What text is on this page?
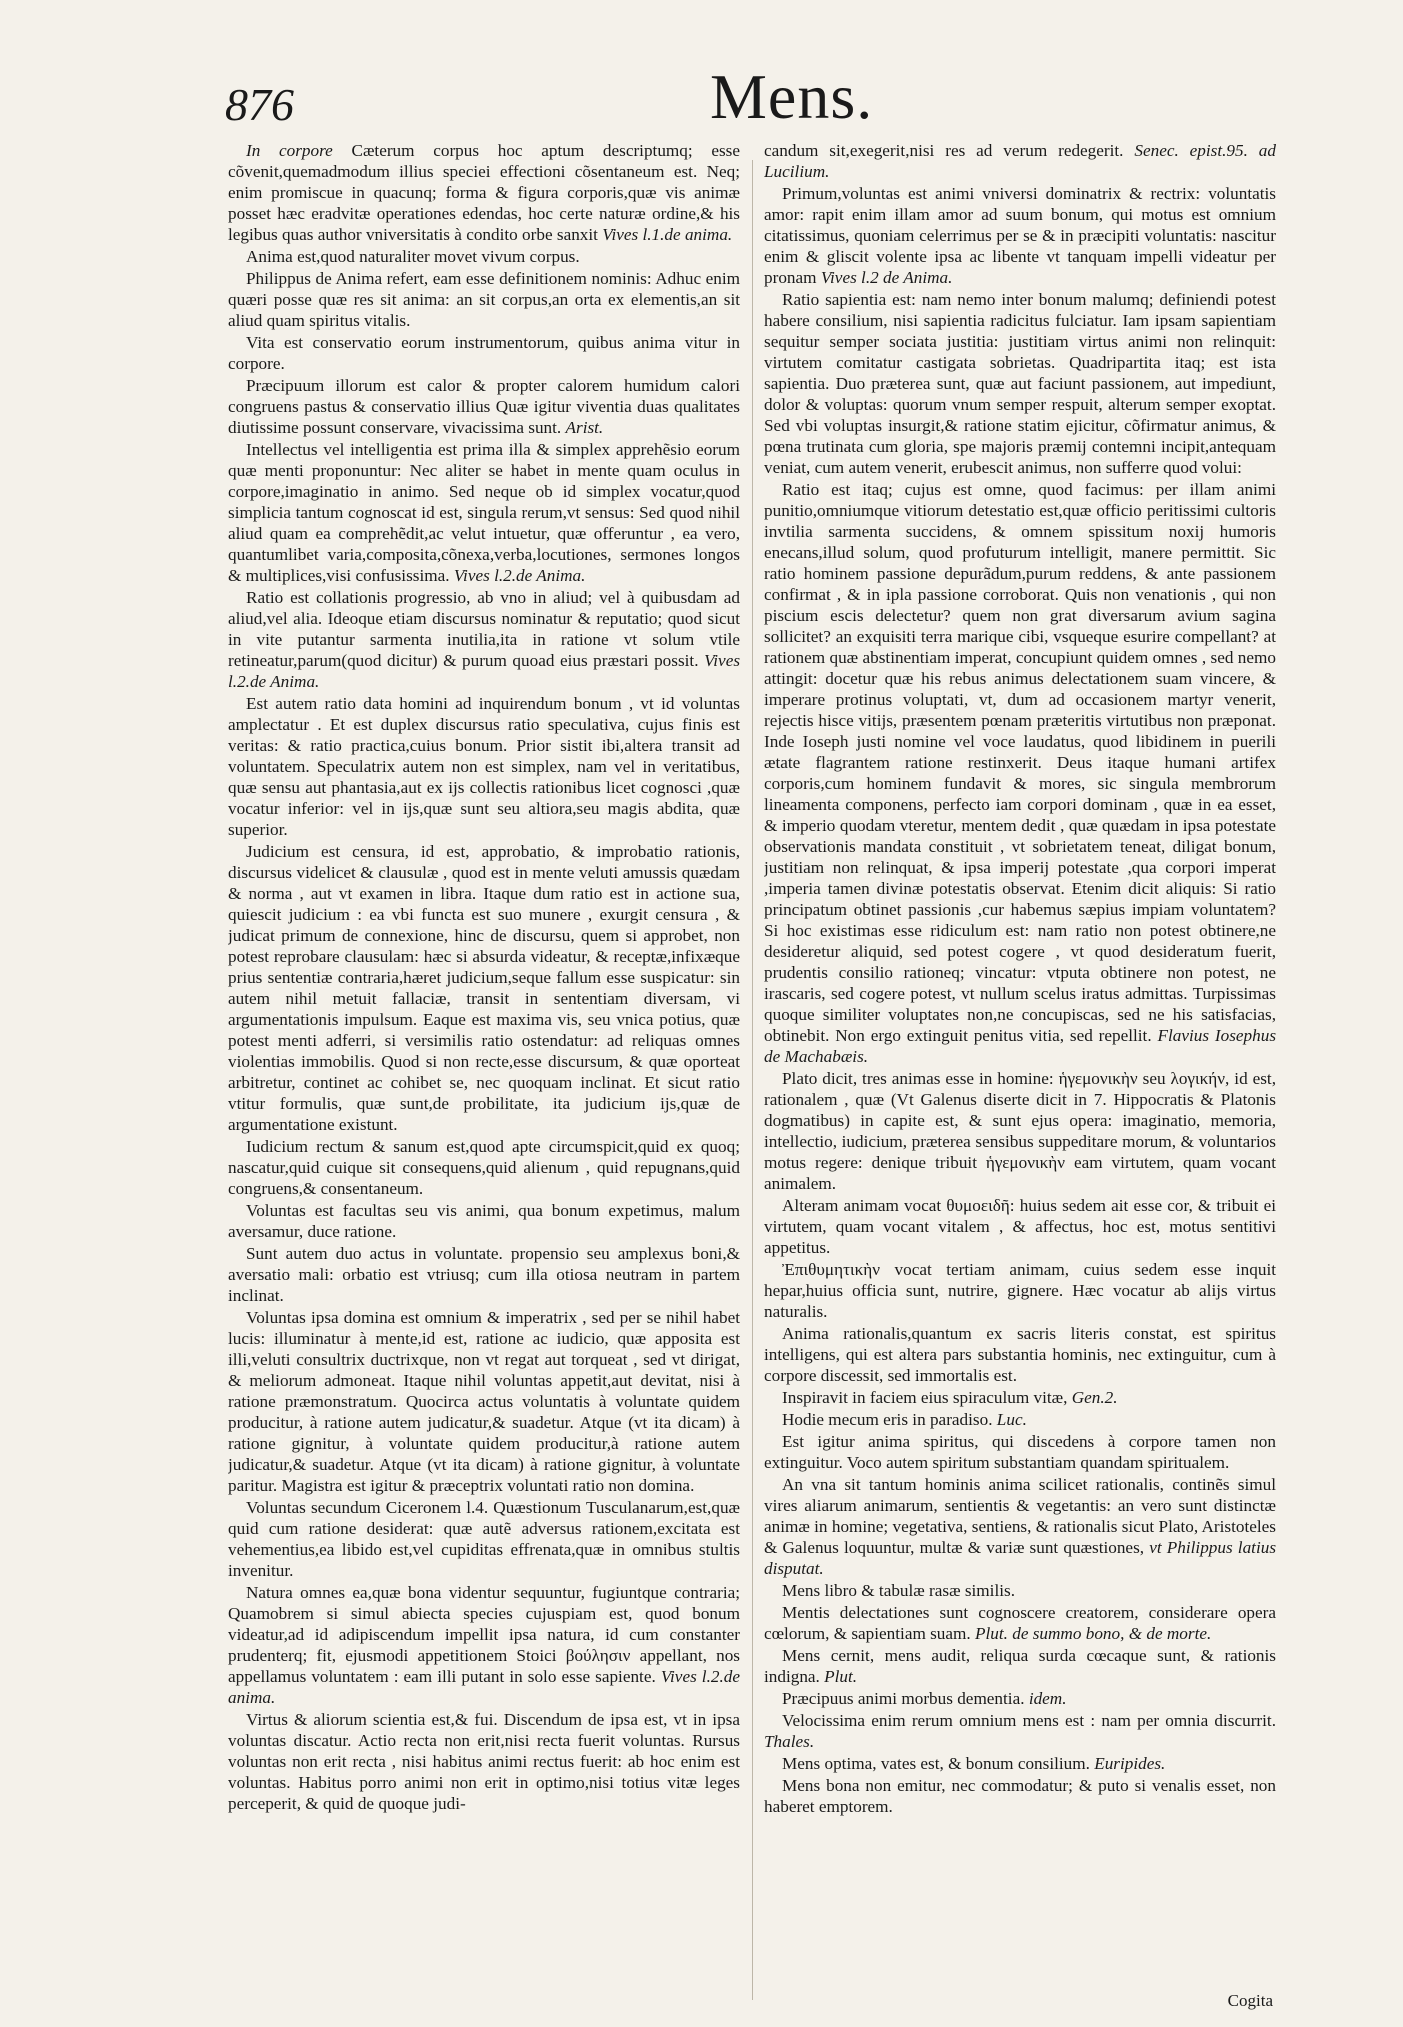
876	Mens.

In corpore Cæterum corpus hoc aptum descriptumq; esse cõvenit,quemadmodum illius speciei effectioni cõsentaneum est. Neq; enim promiscue in quacunq; forma & figura corporis,quæ vis animæ posset hæc eradvitæ operationes edendas, hoc certe naturæ ordine,& his legibus quas author vniversitatis à condito orbe sanxit Vives l.1.de anima.

Anima est,quod naturaliter movet vivum corpus.

Philippus de Anima refert, eam esse definitionem nominis: Adhuc enim quæri posse quæ res sit anima: an sit corpus,an orta ex elementis,an sit aliud quam spiritus vitalis.

Vita est conservatio eorum instrumentorum, quibus anima vitur in corpore.

Præcipuum illorum est calor & propter calorem humidum calori congruens pastus & conservatio illius Quæ igitur viventia duas qualitates diutissime possunt conservare, vivacissima sunt. Arist.

Intellectus vel intelligentia est prima illa & simplex apprehẽsio eorum quæ menti proponuntur: Nec aliter se habet in mente quam oculus in corpore,imaginatio in animo. Sed neque ob id simplex vocatur,quod simplicia tantum cognoscat id est, singula rerum,vt sensus: Sed quod nihil aliud quam ea comprehẽdit,ac velut intuetur, quæ offeruntur , ea vero, quantumlibet varia,composita,cõnexa,verba,locutiones, sermones longos & multiplices,visi confusissima. Vives l.2.de Anima.

Ratio est collationis progressio, ab vno in aliud; vel à quibusdam ad aliud,vel alia. Ideoque etiam discursus nominatur & reputatio; quod sicut in vite putantur sarmenta inutilia,ita in ratione vt solum vtile retineatur,parum(quod dicitur) & purum quoad eius præstari possit. Vives l.2.de Anima.

Est autem ratio data homini ad inquirendum bonum , vt id voluntas amplectatur . Et est duplex discursus ratio speculativa, cujus finis est veritas: & ratio practica,cuius bonum. Prior sistit ibi,altera transit ad voluntatem. Speculatrix autem non est simplex, nam vel in veritatibus, quæ sensu aut phantasia,aut ex ijs collectis rationibus licet cognosci ,quæ vocatur inferior: vel in ijs,quæ sunt seu altiora,seu magis abdita, quæ superior.

Judicium est censura, id est, approbatio, & improbatio rationis, discursus videlicet & clausulæ , quod est in mente veluti amussis quædam & norma , aut vt examen in libra. Itaque dum ratio est in actione sua, quiescit judicium : ea vbi functa est suo munere , exurgit censura , & judicat primum de connexione, hinc de discursu, quem si approbet, non potest reprobare clausulam: hæc si absurda videatur, & receptæ,infixæque prius sententiæ contraria,hæret judicium,seque fallum esse suspicatur: sin autem nihil metuit fallaciæ, transit in sententiam diversam, vi argumentationis impulsum. Eaque est maxima vis, seu vnica potius, quæ potest menti adferri, si versimilis ratio ostendatur: ad reliquas omnes violentias immobilis. Quod si non recte,esse discursum, & quæ oporteat arbitretur, continet ac cohibet se, nec quoquam inclinat. Et sicut ratio vtitur formulis, quæ sunt,de probilitate, ita judicium ijs,quæ de argumentatione existunt.

Iudicium rectum & sanum est,quod apte circumspicit,quid ex quoq; nascatur,quid cuique sit consequens,quid alienum , quid repugnans,quid congruens,& consentaneum.

Voluntas est facultas seu vis animi, qua bonum expetimus, malum aversamur, duce ratione.

Sunt autem duo actus in voluntate. propensio seu amplexus boni,& aversatio mali: orbatio est vtriusq; cum illa otiosa neutram in partem inclinat.

Voluntas ipsa domina est omnium & imperatrix , sed per se nihil habet lucis: illuminatur à mente,id est, ratione ac iudicio, quæ apposita est illi,veluti consultrix ductrixque, non vt regat aut torqueat , sed vt dirigat, & meliorum admoneat. Itaque nihil voluntas appetit,aut devitat, nisi à ratione præmonstratum. Quocirca actus voluntatis à voluntate quidem producitur, à ratione autem judicatur,& suadetur. Atque (vt ita dicam) à ratione gignitur, à voluntate quidem producitur,à ratione autem judicatur,& suadetur. Atque (vt ita dicam) à ratione gignitur, à voluntate paritur. Magistra est igitur & præceptrix voluntati ratio non domina.

Voluntas secundum Ciceronem l.4. Quæstionum Tusculanarum,est,quæ quid cum ratione desiderat: quæ autẽ adversus rationem,excitata est vehementius,ea libido est,vel cupiditas effrenata,quæ in omnibus stultis invenitur.

Natura omnes ea,quæ bona videntur sequuntur, fugiuntque contraria; Quamobrem si simul abiecta species cujuspiam est, quod bonum videatur,ad id adipiscendum impellit ipsa natura, id cum constanter prudenterq; fit, ejusmodi appetitionem Stoici βούλησιν appellant, nos appellamus voluntatem : eam illi putant in solo esse sapiente. Vives l.2.de anima.

Virtus & aliorum scientia est,& fui. Discendum de ipsa est, vt in ipsa voluntas discatur. Actio recta non erit,nisi recta fuerit voluntas. Rursus voluntas non erit recta , nisi habitus animi rectus fuerit: ab hoc enim est voluntas. Habitus porro animi non erit in optimo,nisi totius vitæ leges perceperit, & quid de quoque judi-

candum sit,exegerit,nisi res ad verum redegerit. Senec. epist.95. ad Lucilium.

Primum,voluntas est animi vniversi dominatrix & rectrix: voluntatis amor: rapit enim illam amor ad suum bonum, qui motus est omnium citatissimus, quoniam celerrimus per se & in præcipiti voluntatis: nascitur enim & gliscit volente ipsa ac libente vt tanquam impelli videatur per pronam Vives l.2 de Anima.

Ratio sapientia est: nam nemo inter bonum malumq; definiendi potest habere consilium, nisi sapientia radicitus fulciatur. Iam ipsam sapientiam sequitur semper sociata justitia: justitiam virtus animi non relinquit: virtutem comitatur castigata sobrietas. Quadripartita itaq; est ista sapientia. Duo præterea sunt, quæ aut faciunt passionem, aut impediunt, dolor & voluptas: quorum vnum semper respuit, alterum semper exoptat. Sed vbi voluptas insurgit,& ratione statim ejicitur, cõfirmatur animus, & pœna trutinata cum gloria, spe majoris præmij contemni incipit,antequam veniat, cum autem venerit, erubescit animus, non sufferre quod volui:

Ratio est itaq; cujus est omne, quod facimus: per illam animi punitio,omniumque vitiorum detestatio est,quæ officio peritissimi cultoris invtilia sarmenta succidens, & omnem spissitum noxij humoris enecans,illud solum, quod profuturum intelligit, manere permittit. Sic ratio hominem passione depurãdum,purum reddens, & ante passionem confirmat , & in ipla passione corroborat. Quis non venationis , qui non piscium escis delectetur? quem non grat diversarum avium sagina sollicitet? an exquisiti terra marique cibi, vsqueque esurire compellant? at rationem quæ abstinentiam imperat, concupiunt quidem omnes , sed nemo attingit: docetur quæ his rebus animus delectationem suam vincere, & imperare protinus voluptati, vt, dum ad occasionem martyr venerit, rejectis hisce vitijs, præsentem pœnam præteritis virtutibus non præponat. Inde Ioseph justi nomine vel voce laudatus, quod libidinem in puerili ætate flagrantem ratione restinxerit. Deus itaque humani artifex corporis,cum hominem fundavit & mores, sic singula membrorum lineamenta componens, perfecto iam corpori dominam , quæ in ea esset, & imperio quodam vteretur, mentem dedit , quæ quædam in ipsa potestate observationis mandata constituit , vt sobrietatem teneat, diligat bonum, justitiam non relinquat, & ipsa imperij potestate ,qua corpori imperat ,imperia tamen divinæ potestatis observat. Etenim dicit aliquis: Si ratio principatum obtinet passionis ,cur habemus sæpius impiam voluntatem? Si hoc existimas esse ridiculum est: nam ratio non potest obtinere,ne desideretur aliquid, sed potest cogere , vt quod desideratum fuerit, prudentis consilio rationeq; vincatur: vtputa obtinere non potest, ne irascaris, sed cogere potest, vt nullum scelus iratus admittas. Turpissimas quoque similiter voluptates non,ne concupiscas, sed ne his satisfacias, obtinebit. Non ergo extinguit penitus vitia, sed repellit. Flavius Iosephus de Machabæis.

Plato dicit, tres animas esse in homine: ἡγεμονικὴν seu λογικήν, id est, rationalem , quæ (Vt Galenus diserte dicit in 7. Hippocratis & Platonis dogmatibus) in capite est, & sunt ejus opera: imaginatio, memoria, intellectio, iudicium, præterea sensibus suppeditare morum, & voluntarios motus regere: denique tribuit ἡγεμονικὴν eam virtutem, quam vocant animalem.

Alteram animam vocat θυμοειδῆ: huius sedem ait esse cor, & tribuit ei virtutem, quam vocant vitalem , & affectus, hoc est, motus sentitivi appetitus.

Ἐπιθυμητικὴν vocat tertiam animam, cuius sedem esse inquit hepar,huius officia sunt, nutrire, gignere. Hæc vocatur ab alijs virtus naturalis.

Anima rationalis,quantum ex sacris literis constat, est spiritus intelligens, qui est altera pars substantia hominis, nec extinguitur, cum à corpore discessit, sed immortalis est.

Inspiravit in faciem eius spiraculum vitæ, Gen.2.

Hodie mecum eris in paradiso. Luc.

Est igitur anima spiritus, qui discedens à corpore tamen non extinguitur. Voco autem spiritum substantiam quandam spiritualem.

An vna sit tantum hominis anima scilicet rationalis, continẽs simul vires aliarum animarum, sentientis & vegetantis: an vero sunt distinctæ animæ in homine; vegetativa, sentiens, & rationalis sicut Plato, Aristoteles & Galenus loquuntur, multæ & variæ sunt quæstiones, vt Philippus latius disputat.

Mens libro & tabulæ rasæ similis.

Mentis delectationes sunt cognoscere creatorem, considerare opera cœlorum, & sapientiam suam. Plut. de summo bono, & de morte.

Mens cernit, mens audit, reliqua surda cœcaque sunt, & rationis indigna. Plut.

Præcipuus animi morbus dementia. idem.

Velocissima enim rerum omnium mens est : nam per omnia discurrit. Thales.

Mens optima, vates est, & bonum consilium. Euripides.

Mens bona non emitur, nec commodatur; & puto si venalis esset, non haberet emptorem.

Cogita
